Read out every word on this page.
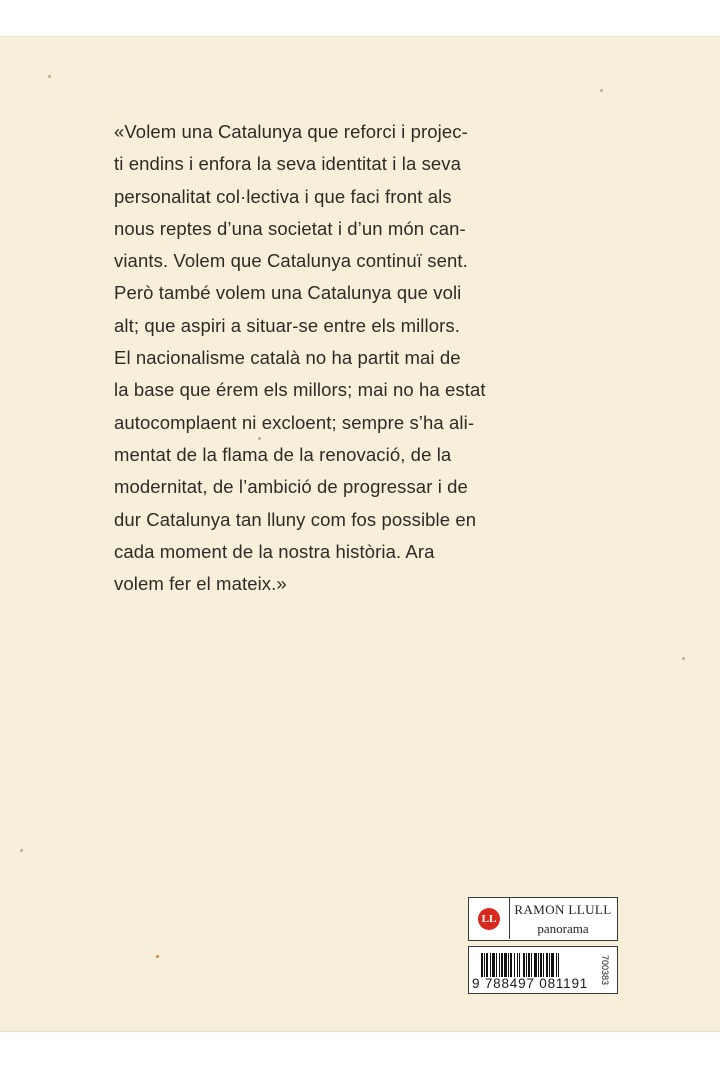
«Volem una Catalunya que reforci i projec-
ti endins i enfora la seva identitat i la seva
personalitat col·lectiva i que faci front als
nous reptes d’una societat i d’un món can-
viants. Volem que Catalunya continuï sent.
Però també volem una Catalunya que voli
alt; que aspiri a situar-se entre els millors.
El nacionalisme català no ha partit mai de
la base que érem els millors; mai no ha estat
autocomplaent ni excloent; sempre s’ha ali-
mentat de la flama de la renovació, de la
modernitat, de l’ambició de progressar i de
dur Catalunya tan lluny com fos possible en
cada moment de la nostra història. Ara
volem fer el mateix.»
LL
RAMON LLULL
panorama
9 788497 081191	700383
